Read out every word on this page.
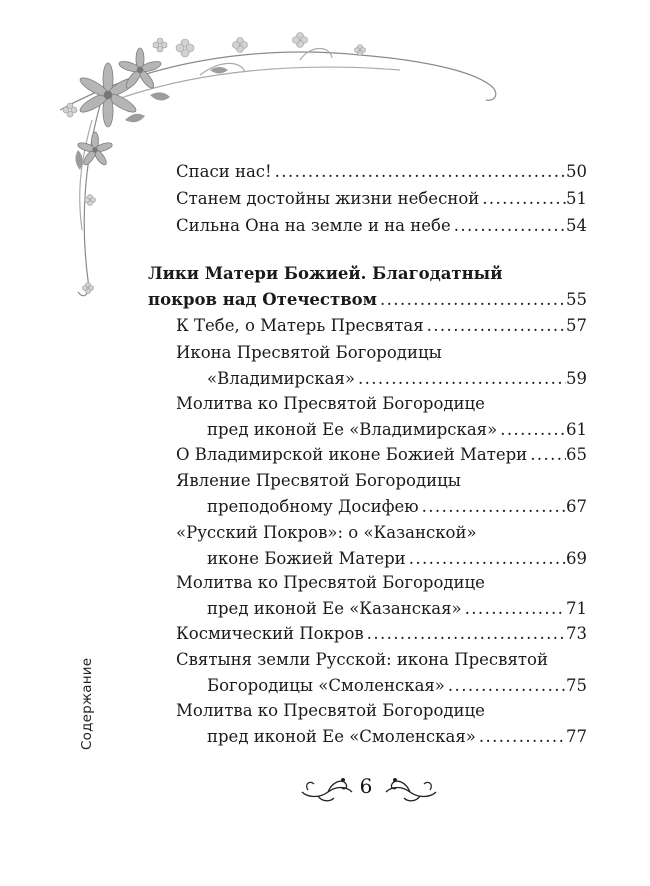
Содержание
Спаси нас! .....	50
Станем достойны жизни небесной .....	51
Сильна Она на земле и на небе .....	54
Лики Матери Божией. Благодатный
покров над Отечеством .....	55
К Тебе, о Матерь Пресвятая .....	57
Икона Пресвятой Богородицы
«Владимирская» .....	59
Молитва ко Пресвятой Богородице
пред иконой Ее «Владимирская» .....	61
О Владимирской иконе Божией Матери ..... 65
Явление Пресвятой Богородицы
преподобному Досифею .....	67
«Русский Покров»: о «Казанской»
иконе Божией Матери .....	69
Молитва ко Пресвятой Богородице
пред иконой Ее «Казанская» .....	71
Космический Покров .....	73
Святыня земли Русской: икона Пресвятой
Богородицы «Смоленская» .....	75
Молитва ко Пресвятой Богородице
пред иконой Ее «Смоленская» .....	77
6
